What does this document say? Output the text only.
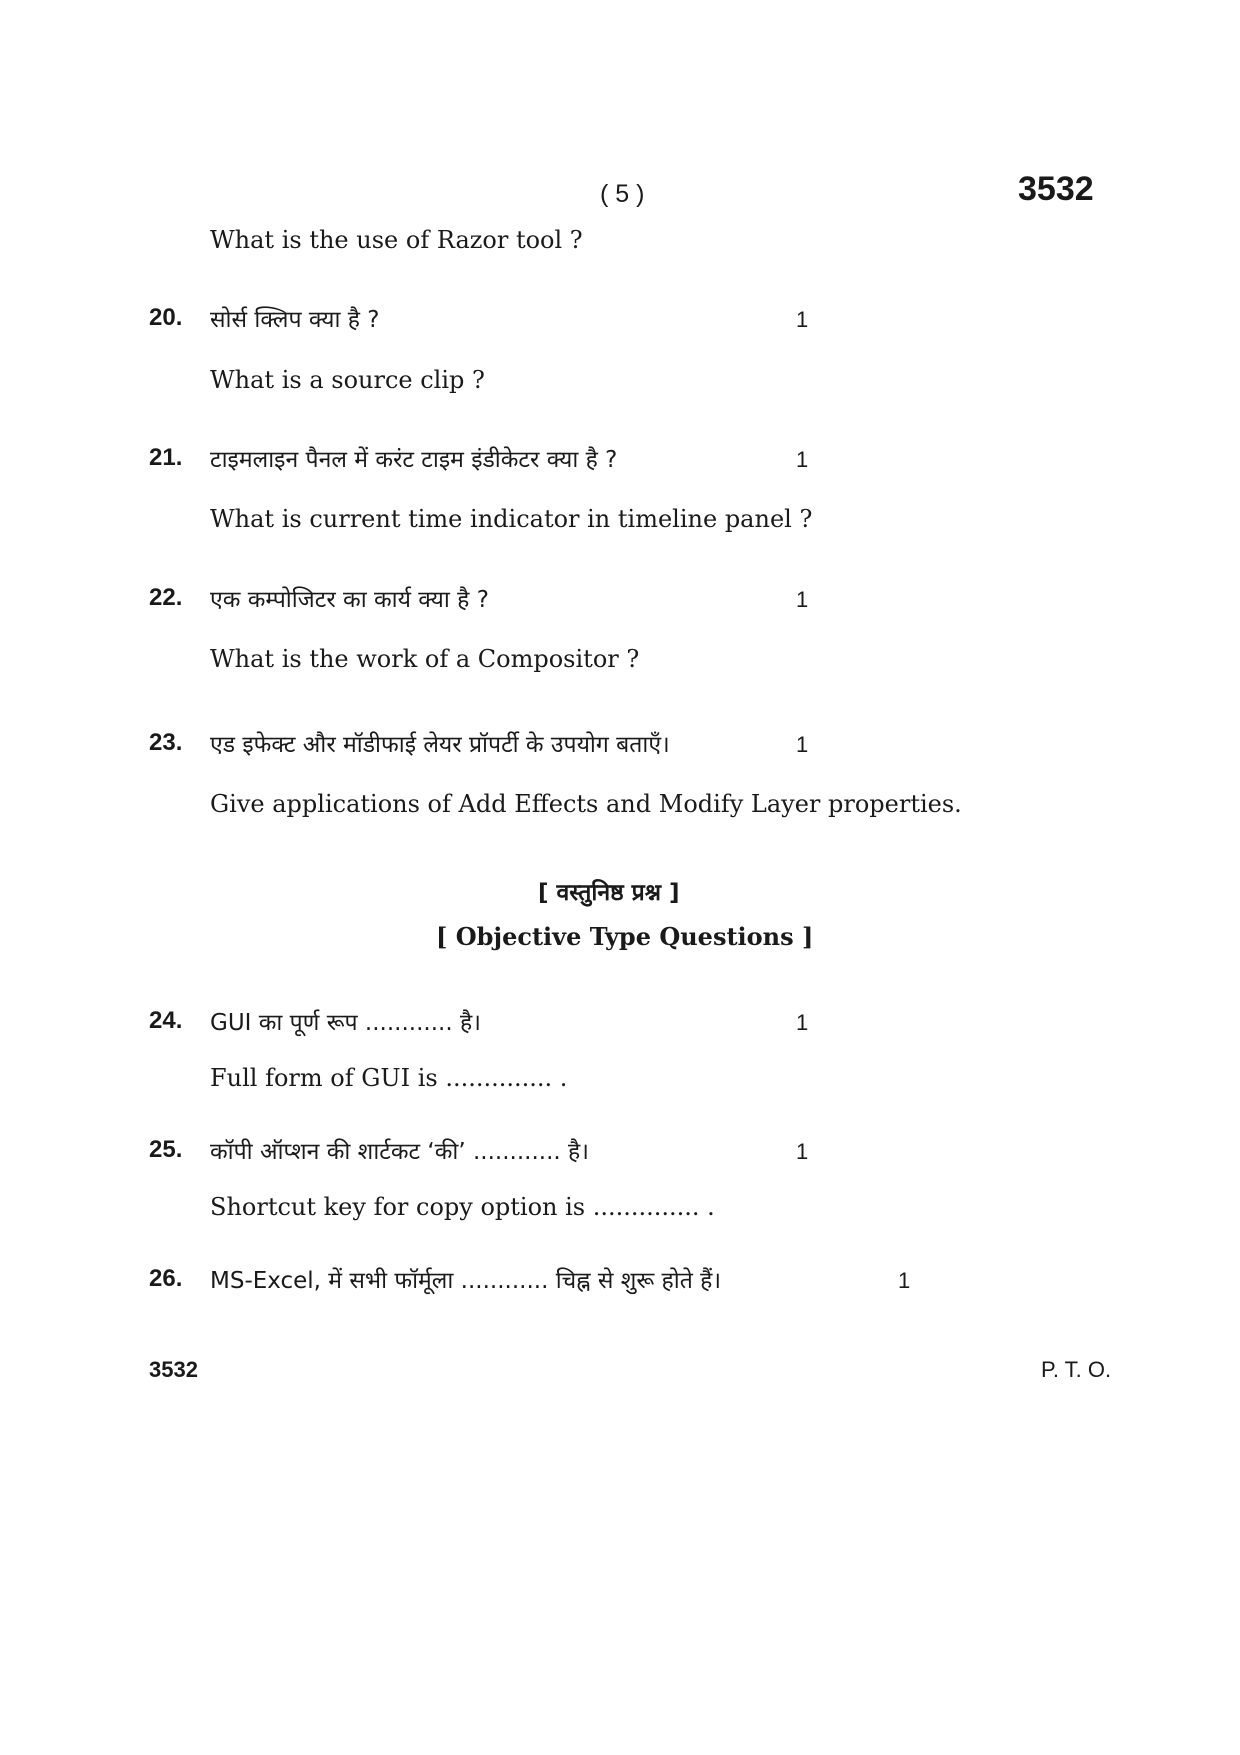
( 5 )	3532
What is the use of Razor tool ?
20. सोर्स क्लिप क्या है ?	1
What is a source clip ?
21. टाइमलाइन पैनल में करंट टाइम इंडीकेटर क्या है ?	1
What is current time indicator in timeline panel ?
22. एक कम्पोजिटर का कार्य क्या है ?	1
What is the work of a Compositor ?
23. एड इफेक्ट और मॉडीफाई लेयर प्रॉपर्टी के उपयोग बताएँ।	1
Give applications of Add Effects and Modify Layer properties.
[ वस्तुनिष्ठ प्रश्न ]
[ Objective Type Questions ]
24. GUI का पूर्ण रूप ............ है।	1
Full form of GUI is .............. .
25. कॉपी ऑप्शन की शार्टकट ‘की’ ............ है।	1
Shortcut key for copy option is .............. .
26. MS-Excel, में सभी फॉर्मूला ............ चिह्न से शुरू होते हैं।	1
3532	P. T. O.
